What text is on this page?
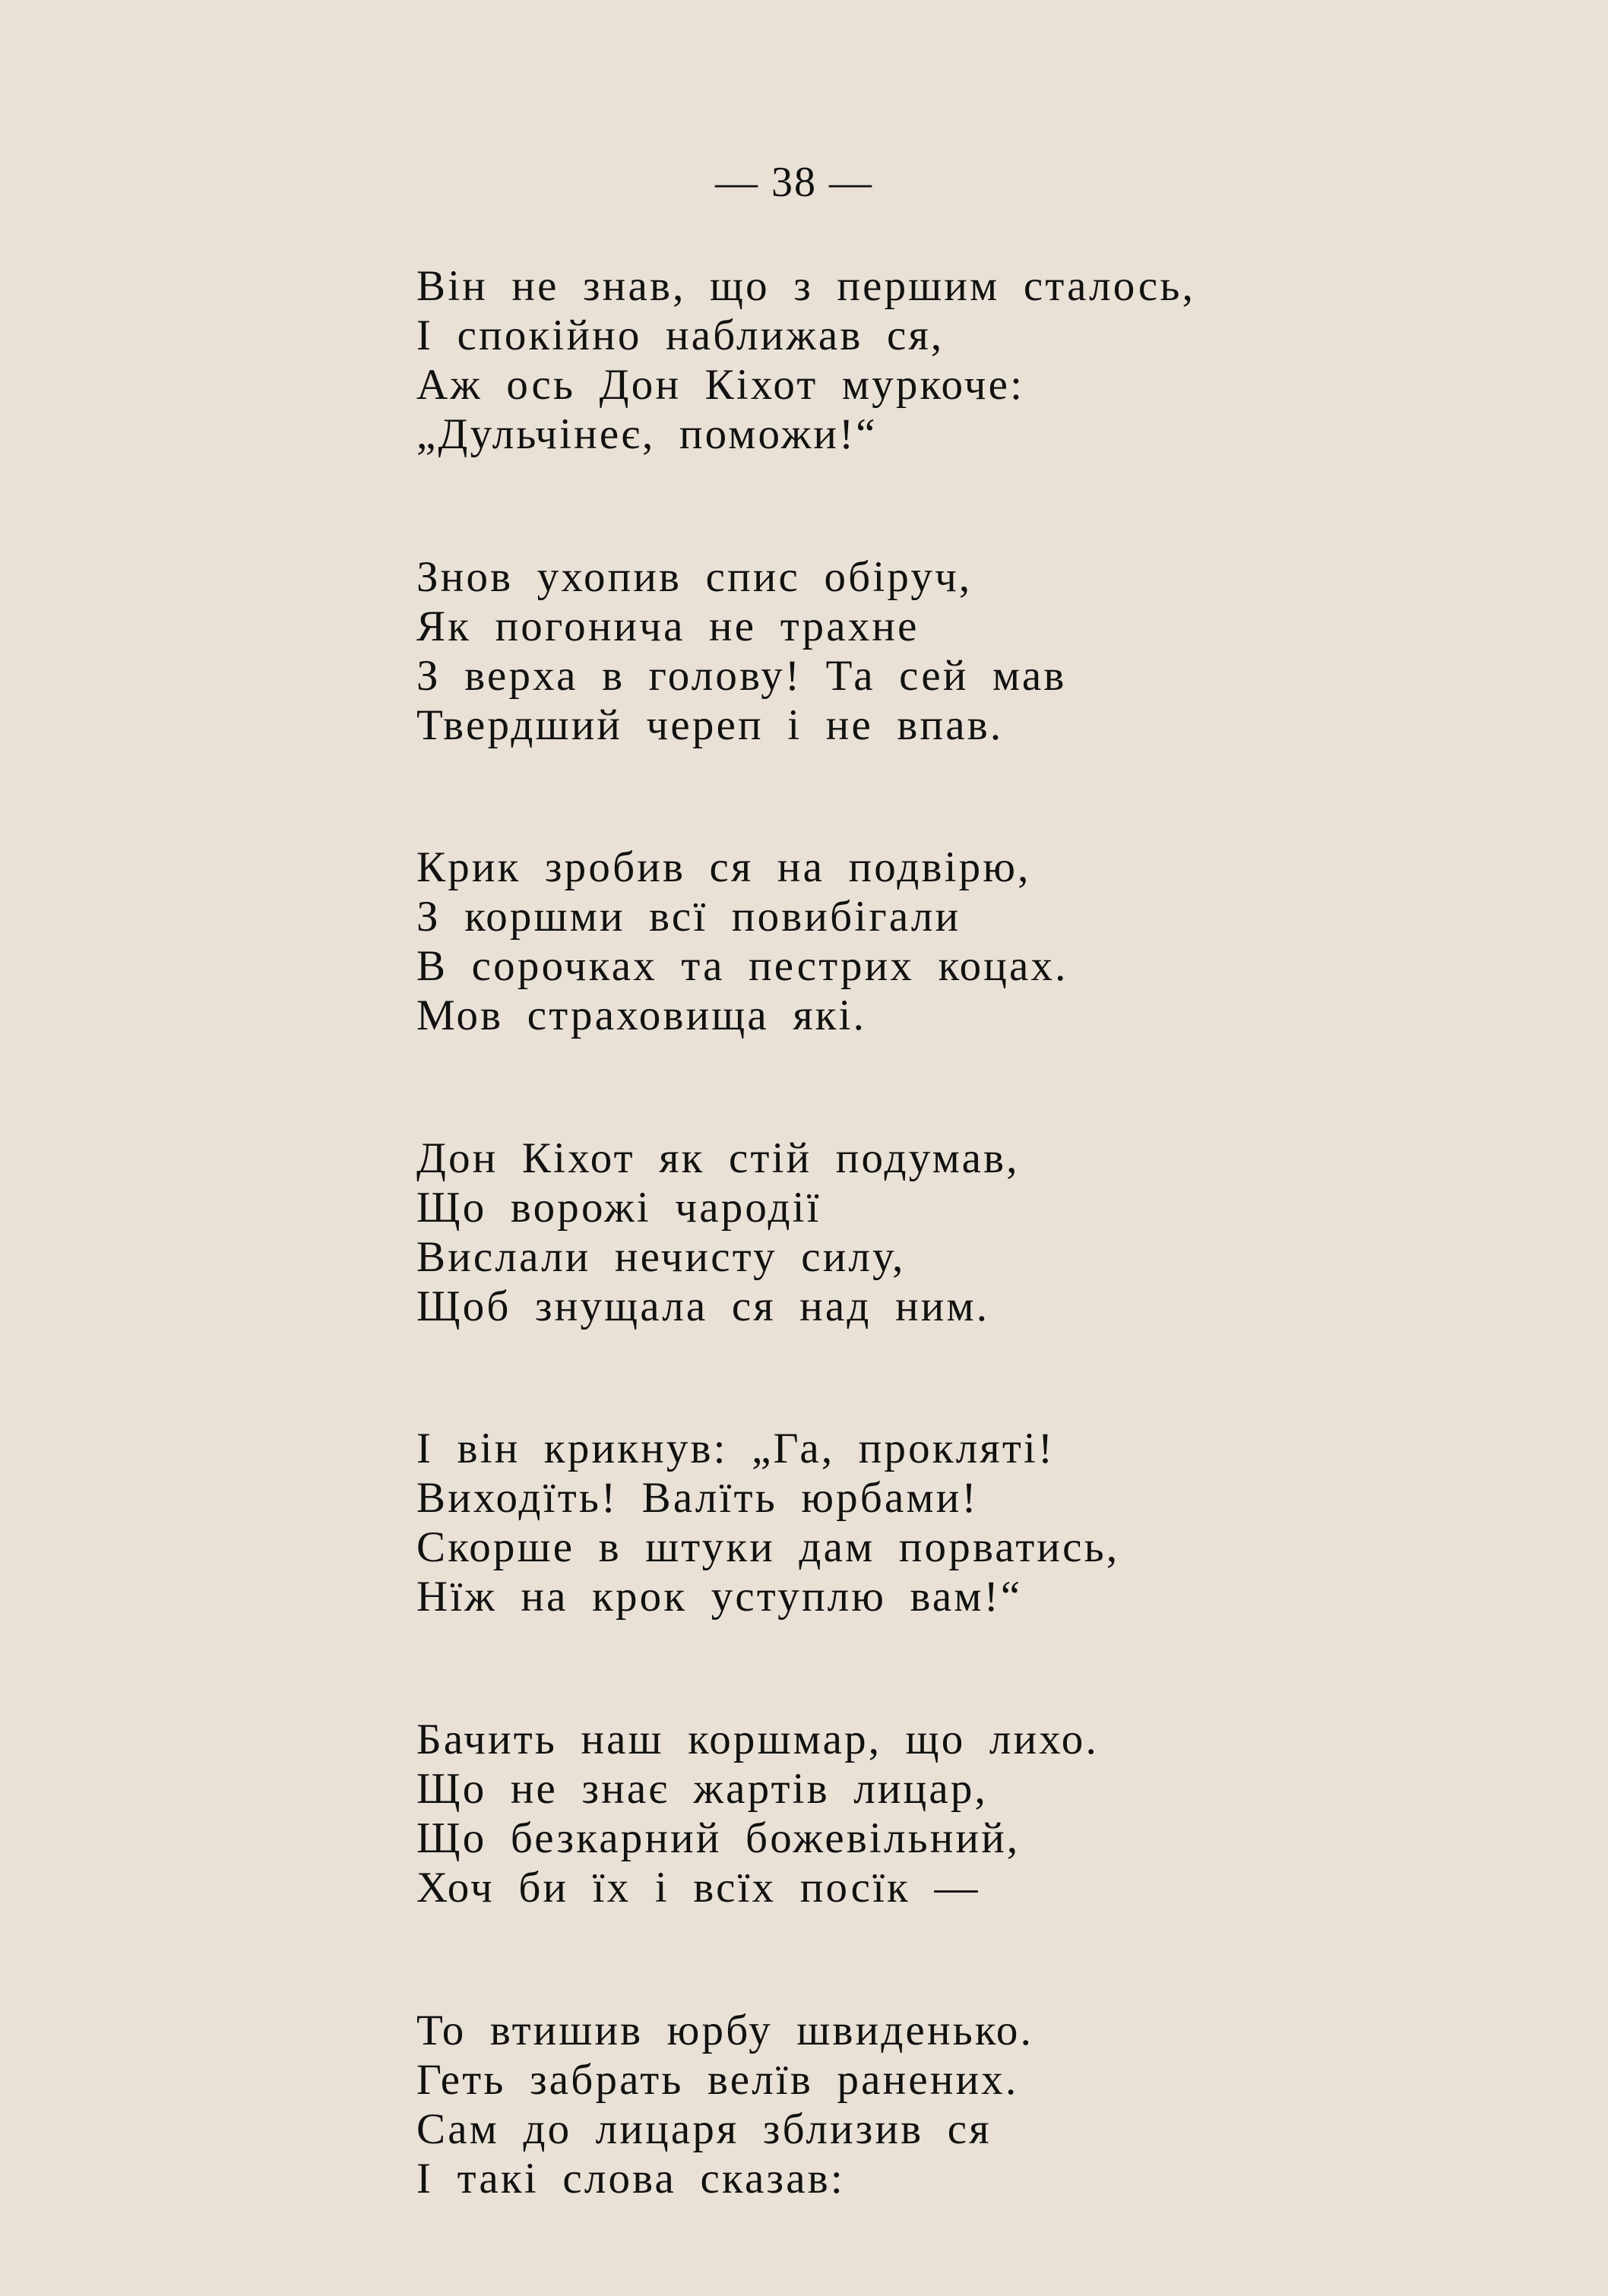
— 38 —
Він не знав, що з першим сталось,
І спокійно наближав ся,
Аж ось Дон Кіхот муркоче:
„Дульчінеє, поможи!“
Знов ухопив спис обіруч,
Як погонича не трахне
З верха в голову! Та сей мав
Твердший череп і не впав.
Крик зробив ся на подвірю,
З коршми всї повибігали
В сорочках та пестрих коцах.
Мов страховища які.
Дон Кіхот як стій подумав,
Що ворожі чародії
Вислали нечисту силу,
Щоб знущала ся над ним.
І він крикнув: „Га, прокляті!
Виходїть! Валїть юрбами!
Скорше в штуки дам порватись,
Нїж на крок уступлю вам!“
Бачить наш коршмар, що лихо.
Що не знає жартів лицар,
Що безкарний божевільний,
Хоч би їх і всїх посїк —
То втишив юрбу швиденько.
Геть забрать велїв ранених.
Сам до лицаря зблизив ся
І такі слова сказав:
